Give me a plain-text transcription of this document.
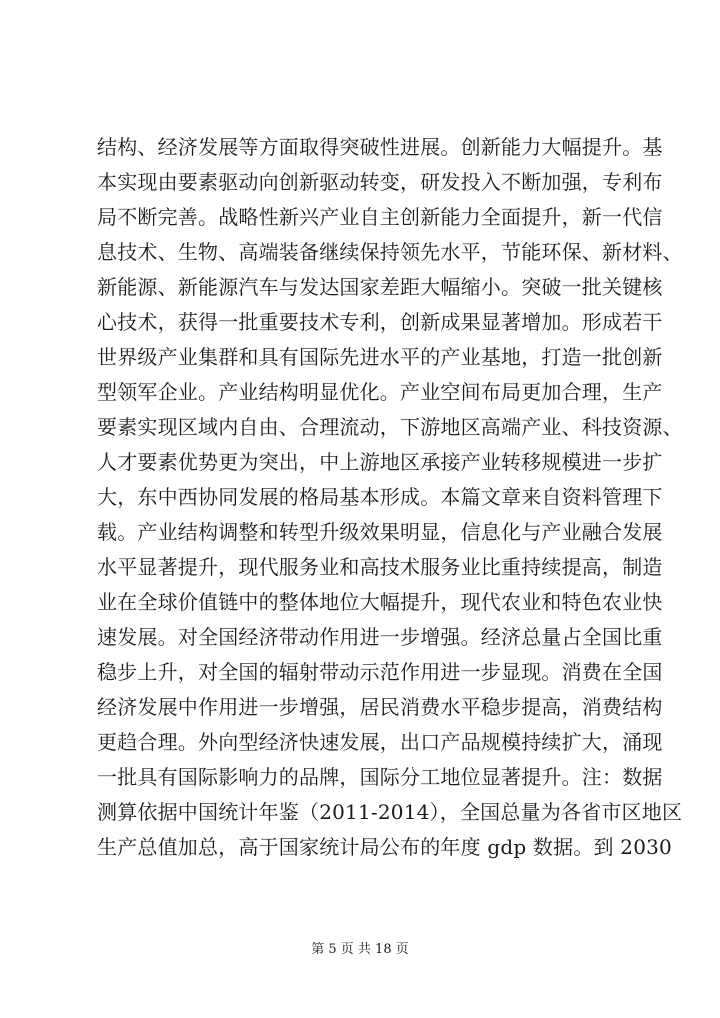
结构、经济发展等方面取得突破性进展。创新能力大幅提升。基
本实现由要素驱动向创新驱动转变，研发投入不断加强，专利布
局不断完善。战略性新兴产业自主创新能力全面提升，新一代信
息技术、生物、高端装备继续保持领先水平，节能环保、新材料、
新能源、新能源汽车与发达国家差距大幅缩小。突破一批关键核
心技术，获得一批重要技术专利，创新成果显著增加。形成若干
世界级产业集群和具有国际先进水平的产业基地，打造一批创新
型领军企业。产业结构明显优化。产业空间布局更加合理，生产
要素实现区域内自由、合理流动，下游地区高端产业、科技资源、
人才要素优势更为突出，中上游地区承接产业转移规模进一步扩
大，东中西协同发展的格局基本形成。本篇文章来自资料管理下
载。产业结构调整和转型升级效果明显，信息化与产业融合发展
水平显著提升，现代服务业和高技术服务业比重持续提高，制造
业在全球价值链中的整体地位大幅提升，现代农业和特色农业快
速发展。对全国经济带动作用进一步增强。经济总量占全国比重
稳步上升，对全国的辐射带动示范作用进一步显现。消费在全国
经济发展中作用进一步增强，居民消费水平稳步提高，消费结构
更趋合理。外向型经济快速发展，出口产品规模持续扩大，涌现
一批具有国际影响力的品牌，国际分工地位显著提升。注：数据
测算依据中国统计年鉴（2011-2014），全国总量为各省市区地区
生产总值加总，高于国家统计局公布的年度 gdp 数据。到 2030
第 5 页 共 18 页
